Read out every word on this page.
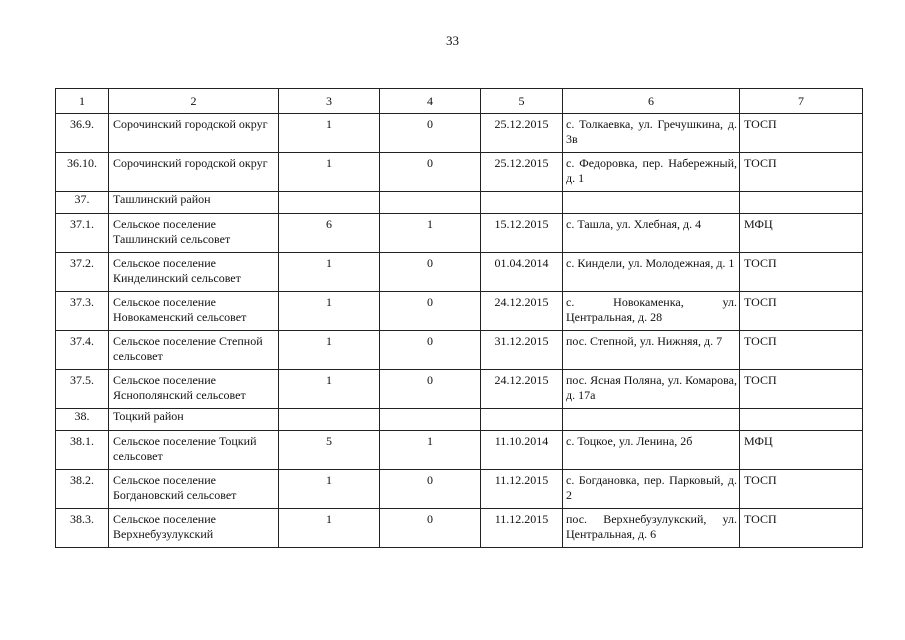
33
1	2	3	4	5	6	7
36.9.	Сорочинский городской округ	1	0	25.12.2015	с. Толкаевка, ул. Гречушкина, д. 3в	ТОСП
36.10.	Сорочинский городской округ	1	0	25.12.2015	с. Федоровка, пер. Набережный, д. 1	ТОСП
37.	Ташлинский район					
37.1.	Сельское поселение Ташлинский сельсовет	6	1	15.12.2015	с. Ташла, ул. Хлебная, д. 4	МФЦ
37.2.	Сельское поселение Кинделинский сельсовет	1	0	01.04.2014	с. Киндели, ул. Молодежная, д. 1	ТОСП
37.3.	Сельское поселение Новокаменский сельсовет	1	0	24.12.2015	с. Новокаменка, ул. Центральная, д. 28	ТОСП
37.4.	Сельское поселение Степной сельсовет	1	0	31.12.2015	пос. Степной, ул. Нижняя, д. 7	ТОСП
37.5.	Сельское поселение Яснополянский сельсовет	1	0	24.12.2015	пос. Ясная Поляна, ул. Комарова, д. 17а	ТОСП
38.	Тоцкий район					
38.1.	Сельское поселение Тоцкий сельсовет	5	1	11.10.2014	с. Тоцкое, ул. Ленина, 2б	МФЦ
38.2.	Сельское поселение Богдановский сельсовет	1	0	11.12.2015	с. Богдановка, пер. Парковый, д. 2	ТОСП
38.3.	Сельское поселение Верхнебузулукский	1	0	11.12.2015	пос. Верхнебузулукский, ул. Центральная, д. 6	ТОСП
